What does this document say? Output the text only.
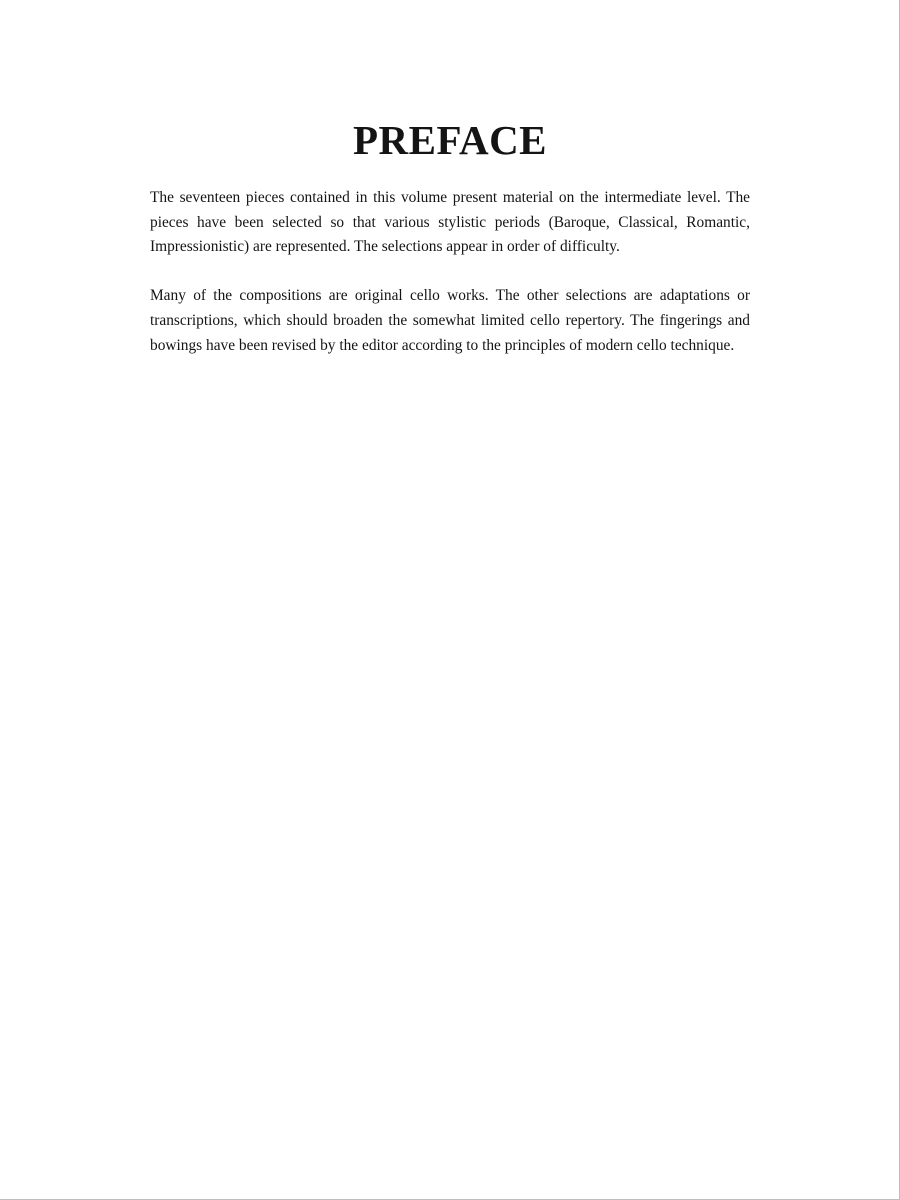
PREFACE

The seventeen pieces contained in this volume present material on the intermediate level. The pieces have been selected so that various stylistic periods (Baroque, Classical, Romantic, Impressionistic) are represented. The selections appear in order of difficulty.

Many of the compositions are original cello works. The other selections are adaptations or transcriptions, which should broaden the somewhat limited cello repertory. The fingerings and bowings have been revised by the editor according to the principles of modern cello technique.
